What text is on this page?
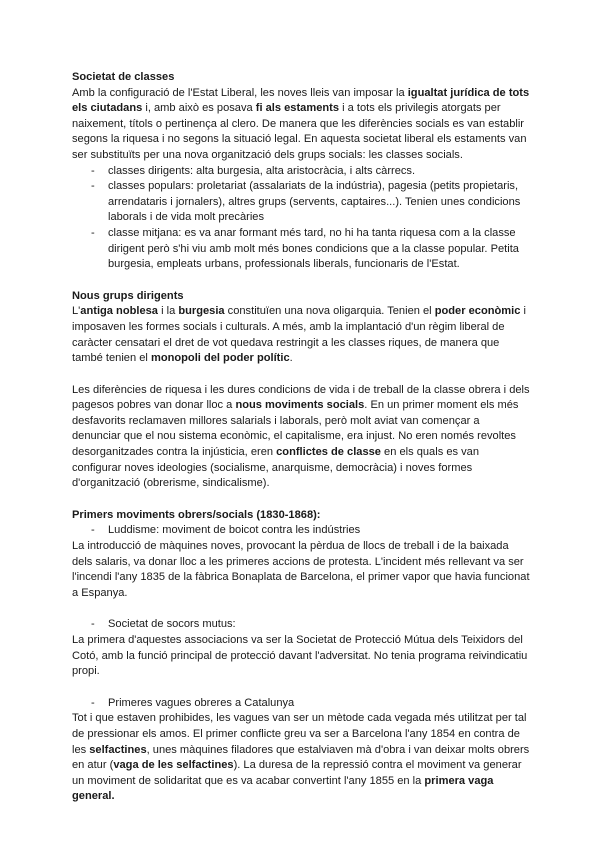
Societat de classes

Amb la configuració de l'Estat Liberal, les noves lleis van imposar la igualtat jurídica de tots els ciutadans i, amb això es posava fi als estaments i a tots els privilegis atorgats per naixement, títols o pertinença al clero. De manera que les diferències socials es van establir segons la riquesa i no segons la situació legal. En aquesta societat liberal els estaments van ser substituïts per una nova organització dels grups socials: les classes socials.

- classes dirigents: alta burgesia, alta aristocràcia, i alts càrrecs.
- classes populars: proletariat (assalariats de la indústria), pagesia (petits propietaris, arrendataris i jornalers), altres grups (servents, captaires...). Tenien unes condicions laborals i de vida molt precàries
- classe mitjana: es va anar formant més tard, no hi ha tanta riquesa com a la classe dirigent però s'hi viu amb molt més bones condicions que a la classe popular. Petita burgesia, empleats urbans, professionals liberals, funcionaris de l'Estat.
Nous grups dirigents

L'antiga noblesa i la burgesia constituïen una nova oligarquia. Tenien el poder econòmic i imposaven les formes socials i culturals. A més, amb la implantació d'un règim liberal de caràcter censatari el dret de vot quedava restringit a les classes riques, de manera que també tenien el monopoli del poder polític.

Les diferències de riquesa i les dures condicions de vida i de treball de la classe obrera i dels pagesos pobres van donar lloc a nous moviments socials. En un primer moment els més desfavorits reclamaven millores salarials i laborals, però molt aviat van començar a denunciar que el nou sistema econòmic, el capitalisme, era injust. No eren només revoltes desorganitzades contra la injústicia, eren conflictes de classe en els quals es van configurar noves ideologies (socialisme, anarquisme, democràcia) i noves formes d'organització (obrerisme, sindicalisme).

Primers moviments obrers/socials (1830-1868):
- Luddisme: moviment de boicot contra les indústries

La introducció de màquines noves, provocant la pèrdua de llocs de treball i de la baixada dels salaris, va donar lloc a les primeres accions de protesta. L'incident més rellevant va ser l'incendi l'any 1835 de la fàbrica Bonaplata de Barcelona, el primer vapor que havia funcionat a Espanya.

- Societat de socors mutus:

La primera d'aquestes associacions va ser la Societat de Protecció Mútua dels Teixidors del Cotó, amb la funció principal de protecció davant l'adversitat. No tenia programa reivindicatiu propi.

- Primeres vagues obreres a Catalunya

Tot i que estaven prohibides, les vagues van ser un mètode cada vegada més utilitzat per tal de pressionar els amos. El primer conflicte greu va ser a Barcelona l'any 1854 en contra de les selfactines, unes màquines filadores que estalviaven mà d'obra i van deixar molts obrers en atur (vaga de les selfactines). La duresa de la repressió contra el moviment va generar un moviment de solidaritat que es va acabar convertint l'any 1855 en la primera vaga general.
